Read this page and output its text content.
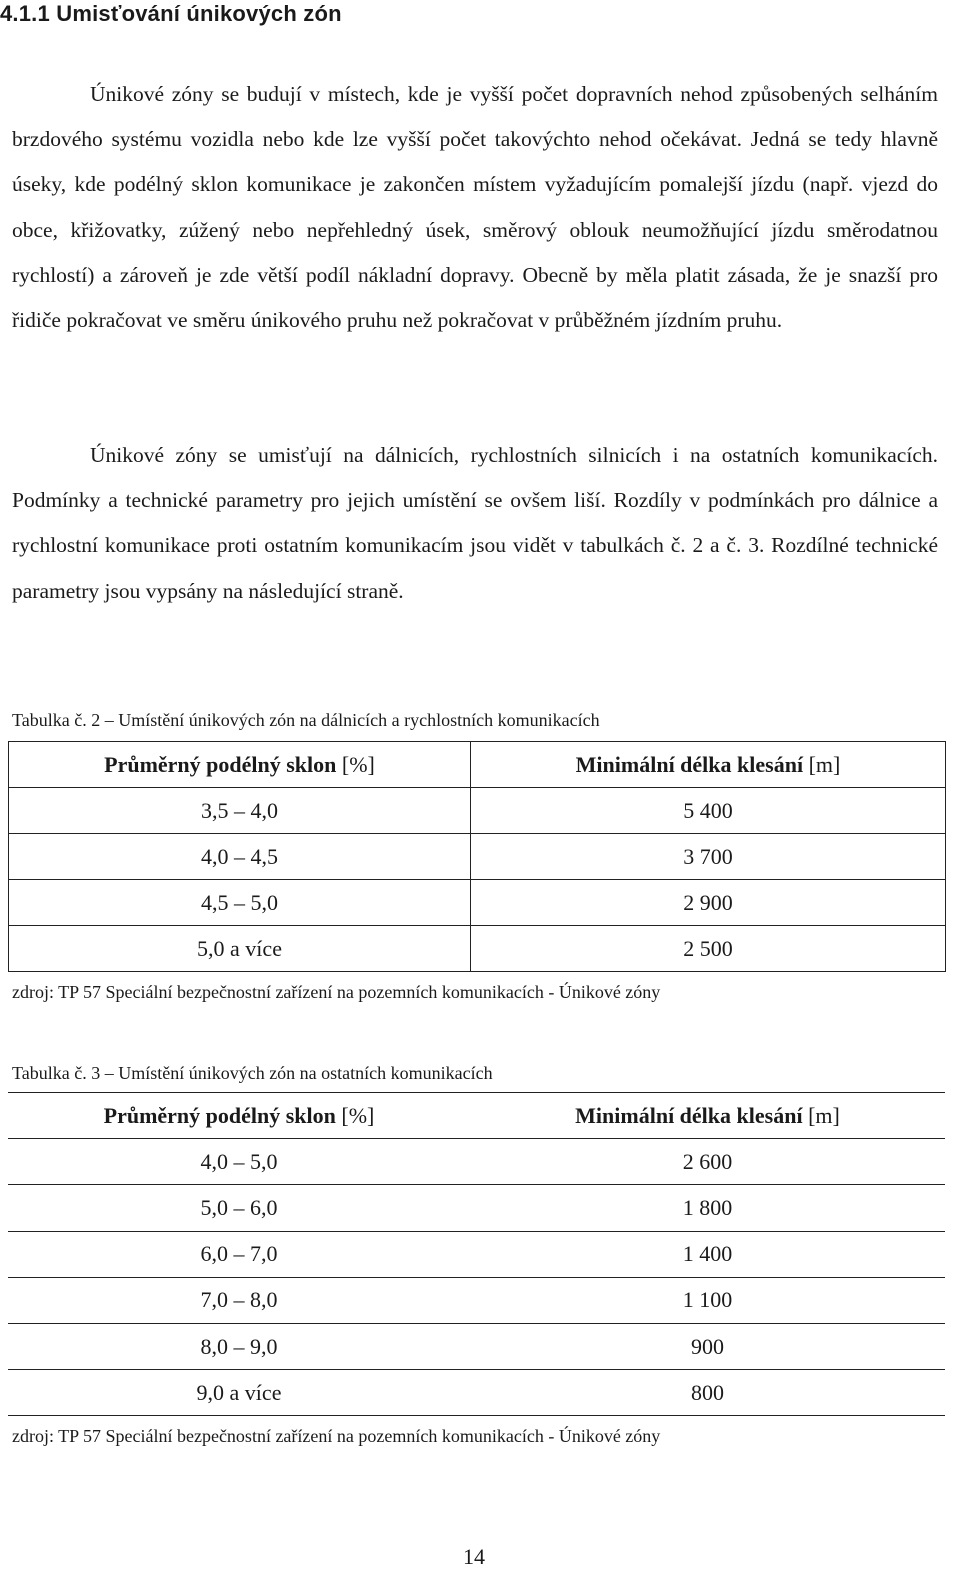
4.1.1 Umisťování únikových zón

Únikové zóny se budují v místech, kde je vyšší počet dopravních nehod způsobených selháním brzdového systému vozidla nebo kde lze vyšší počet takovýchto nehod očekávat. Jedná se tedy hlavně úseky, kde podélný sklon komunikace je zakončen místem vyžadujícím pomalejší jízdu (např. vjezd do obce, křižovatky, zúžený nebo nepřehledný úsek, směrový oblouk neumožňující jízdu směrodatnou rychlostí) a zároveň je zde větší podíl nákladní dopravy. Obecně by měla platit zásada, že je snazší pro řidiče pokračovat ve směru únikového pruhu než pokračovat v průběžném jízdním pruhu.

Únikové zóny se umisťují na dálnicích, rychlostních silnicích i na ostatních komunikacích. Podmínky a technické parametry pro jejich umístění se ovšem liší. Rozdíly v podmínkách pro dálnice a rychlostní komunikace proti ostatním komunikacím jsou vidět v tabulkách č. 2 a č. 3. Rozdílné technické parametry jsou vypsány na následující straně.

Tabulka č. 2 – Umístění únikových zón na dálnicích a rychlostních komunikacích
Průměrný podélný sklon [%]	Minimální délka klesání [m]
3,5 – 4,0	5 400
4,0 – 4,5	3 700
4,5 – 5,0	2 900
5,0 a více	2 500
zdroj: TP 57 Speciální bezpečnostní zařízení na pozemních komunikacích - Únikové zóny
Tabulka č. 3 – Umístění únikových zón na ostatních komunikacích
Průměrný podélný sklon [%]	Minimální délka klesání [m]
4,0 – 5,0	2 600
5,0 – 6,0	1 800
6,0 – 7,0	1 400
7,0 – 8,0	1 100
8,0 – 9,0	900
9,0 a více	800
zdroj: TP 57 Speciální bezpečnostní zařízení na pozemních komunikacích - Únikové zóny
14
